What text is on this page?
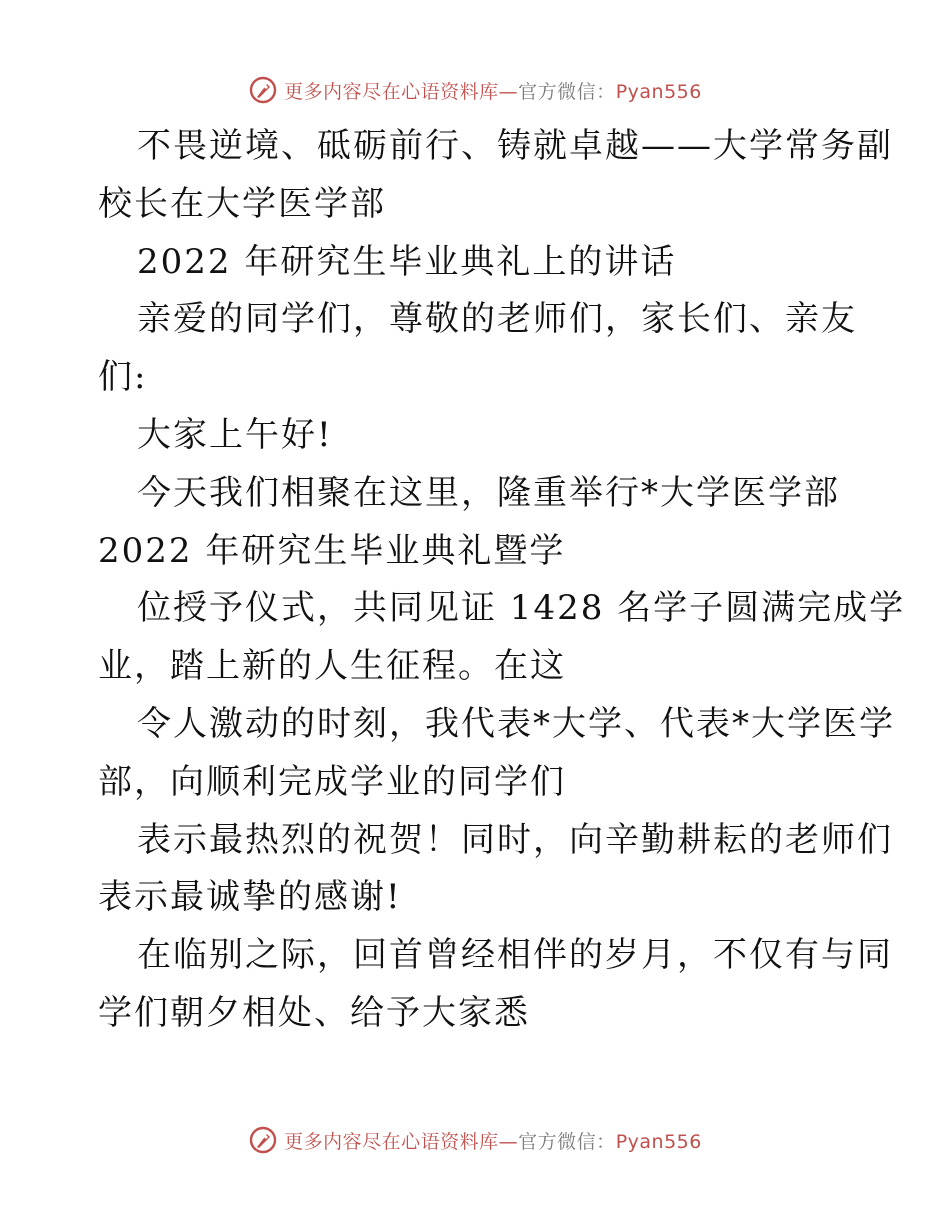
更多内容尽在心语资料库—官方微信：Pyan556
不畏逆境、砥砺前行、铸就卓越——大学常务副
校长在大学医学部
2022 年研究生毕业典礼上的讲话
亲爱的同学们，尊敬的老师们，家长们、亲友
们:
大家上午好!
今天我们相聚在这里，隆重举行*大学医学部
2022 年研究生毕业典礼暨学
位授予仪式，共同见证 1428 名学子圆满完成学
业，踏上新的人生征程。在这
令人激动的时刻，我代表*大学、代表*大学医学
部，向顺利完成学业的同学们
表示最热烈的祝贺！同时，向辛勤耕耘的老师们
表示最诚挚的感谢!
在临别之际，回首曾经相伴的岁月，不仅有与同
学们朝夕相处、给予大家悉
更多内容尽在心语资料库—官方微信：Pyan556
